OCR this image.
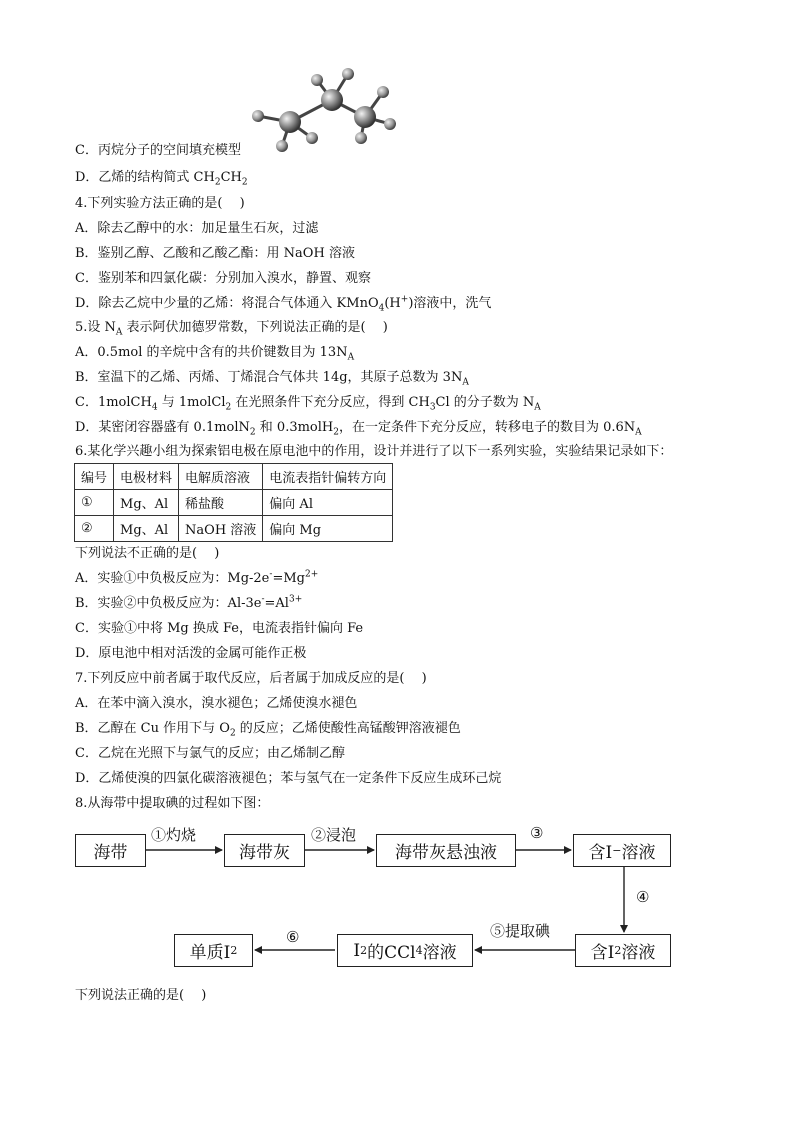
C．丙烷分子的空间填充模型
D．乙烯的结构简式 $CH_2CH_2$
4.下列实验方法正确的是(　 )
A．除去乙醇中的水：加足量生石灰，过滤
B．鉴别乙醇、乙酸和乙酸乙酯：用 NaOH 溶液
C．鉴别苯和四氯化碳：分别加入溴水，静置、观察
D．除去乙烷中少量的乙烯：将混合气体通入 KMnO$_4$(H+)溶液中，洗气
5.设 $N_A$ 表示阿伏加德罗常数，下列说法正确的是(　 )
A．0.5mol 的辛烷中含有的共价键数目为 $13N_A$
B．室温下的乙烯、丙烯、丁烯混合气体共 14g，其原子总数为 $3N_A$
C．1molCH$_4$ 与 1molCl$_2$ 在光照条件下充分反应，得到 $CH_3Cl$ 的分子数为 $N_A$
D．某密闭容器盛有 0.1molN$_2$ 和 0.3molH$_2$，在一定条件下充分反应，转移电子的数目为 $0.6N_A$
6.某化学兴趣小组为探索铝电极在原电池中的作用，设计并进行了以下一系列实验，实验结果记录如下：
编号	电极材料	电解质溶液	电流表指针偏转方向
①	Mg、Al	稀盐酸	偏向 Al
②	Mg、Al	NaOH 溶液	偏向 Mg
下列说法不正确的是(　 )
A．实验①中负极反应为：$Mg-2e^-=Mg^{2+}$
B．实验②中负极反应为：$Al-3e^-=Al^{3+}$
C．实验①中将 Mg 换成 Fe，电流表指针偏向 Fe
D．原电池中相对活泼的金属可能作正极
7.下列反应中前者属于取代反应，后者属于加成反应的是(　 )
A．在苯中滴入溴水，溴水褪色；乙烯使溴水褪色
B．乙醇在 Cu 作用下与 $O_2$ 的反应；乙烯使酸性高锰酸钾溶液褪色
C．乙烷在光照下与氯气的反应；由乙烯制乙醇
D．乙烯使溴的四氯化碳溶液褪色；苯与氢气在一定条件下反应生成环己烷
8.从海带中提取碘的过程如下图：
海带	海带灰	海带灰悬浊液	含I − 溶液
含I 2 溶液
I 2 的CCl 4 溶液
单质I 2
①灼烧	②浸泡	③
④
⑤提取碘
⑥
下列说法正确的是(　 )
